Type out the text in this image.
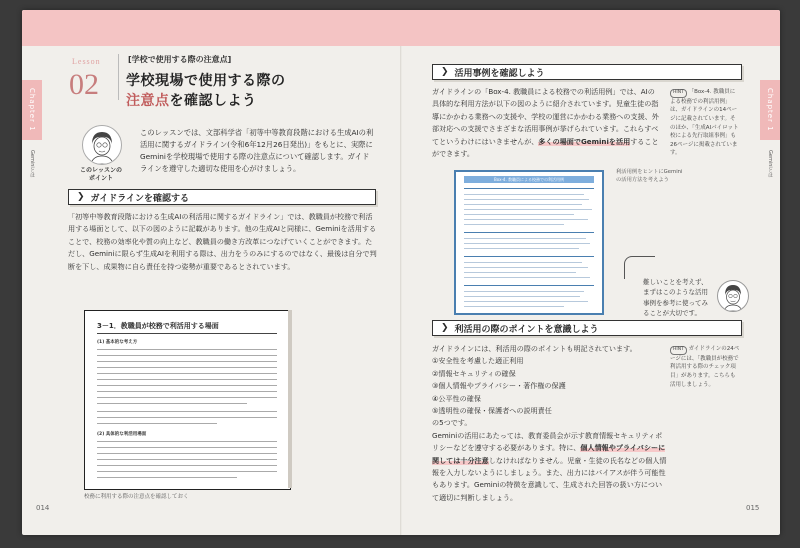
Chapter 1
Geminiとは
Chapter 1
Geminiとは
Lesson
02
[学校で使用する際の注意点]
学校現場で使用する際の
注意点を確認しよう
このレッスンの
ポイント
このレッスンでは、文部科学省「初等中等教育段階における生成AIの利活用に関するガイドライン(令和6年12月26日発出)」をもとに、実際にGeminiを学校現場で使用する際の注意点について確認します。ガイドラインを遵守した適切な使用を心がけましょう。
❯ ガイドラインを確認する

「初等中等教育段階における生成AIの利活用に関するガイドライン」では、教職員が校務で利活用する場面として、以下の図のように記載があります。他の生成AIと同様に、Geminiを活用することで、校務の効率化や質の向上など、教職員の働き方改革につなげていくことができます。ただし、Geminiに限らず生成AIを利用する際は、出力をうのみにするのではなく、最後は自分で判断を下し、成果物に自ら責任を持つ姿勢が重要であるとされています。

3－1．教職員が校務で利活用する場面
(1) 基本的な考え方
(2) 具体的な利活用場面
校務に利用する際の注意点を確認しておく
014
❯ 活用事例を確認しよう

ガイドラインの「Box-4. 教職員による校務での利活用例」では、AIの具体的な利用方法が以下の図のように紹介されています。児童生徒の指導にかかわる業務への支援や、学校の運営にかかわる業務への支援、外部対応への支援でさまざまな活用事例が挙げられています。これらすべてというわけにはいきませんが、多くの場面でGeminiを活用することができます。

HINT 「Box-4. 教職員による校務での利活用例」は、ガイドラインの14ページに記載されています。そのほか、「生成AIパイロット校による先行取組事例」も26ページに掲載されています。
Box-4. 教職員による校務での利活用例
利活用例をヒントにGeminiの活用方法を考えよう
難しいことを考えず、まずはこのような活用事例を参考に使ってみることが大切です。
❯ 利活用の際のポイントを意識しよう

ガイドラインには、利活用の際のポイントも明記されています。

①安全性を考慮した適正利用

②情報セキュリティの確保

③個人情報やプライバシー・著作権の保護

④公平性の確保

⑤透明性の確保・保護者への説明責任

の5つです。

Geminiの活用にあたっては、教育委員会が示す教育情報セキュリティポリシーなどを遵守する必要があります。特に、個人情報やプライバシーに関しては十分注意しなければなりません。児童・生徒の氏名などの個人情報を入力しないようにしましょう。また、出力にはバイアスが伴う可能性もあります。Geminiの特徴を意識して、生成された回答の扱い方について適切に判断しましょう。

HINT ガイドラインの24ページには、「教職員が校務で利活用する際のチェック項目」があります。こちらも活用しましょう。
015
